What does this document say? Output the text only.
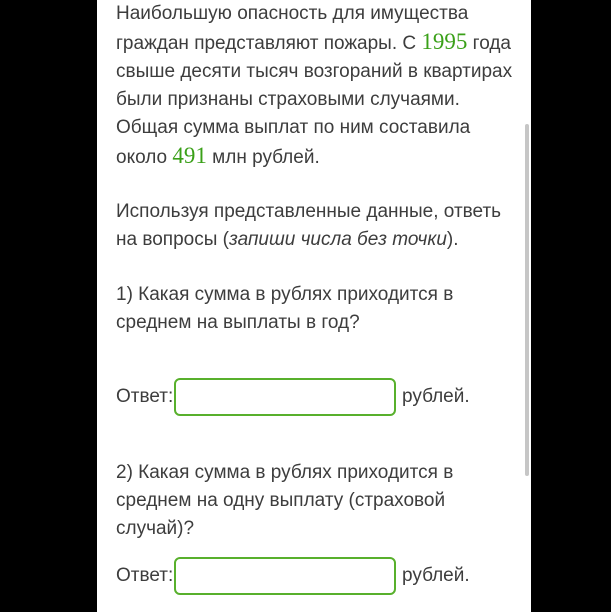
Наибольшую опасность для имущества граждан представляют пожары. С 1995 года свыше десяти тысяч возгораний в квартирах были признаны страховыми случаями. Общая сумма выплат по ним составила около 491 млн рублей.

Используя представленные данные, ответь на вопросы (запиши числа без точки).

1) Какая сумма в рублях приходится в среднем на выплаты в год?

Ответ:	рублей.

2) Какая сумма в рублях приходится в среднем на одну выплату (страховой случай)?

Ответ:	рублей.
